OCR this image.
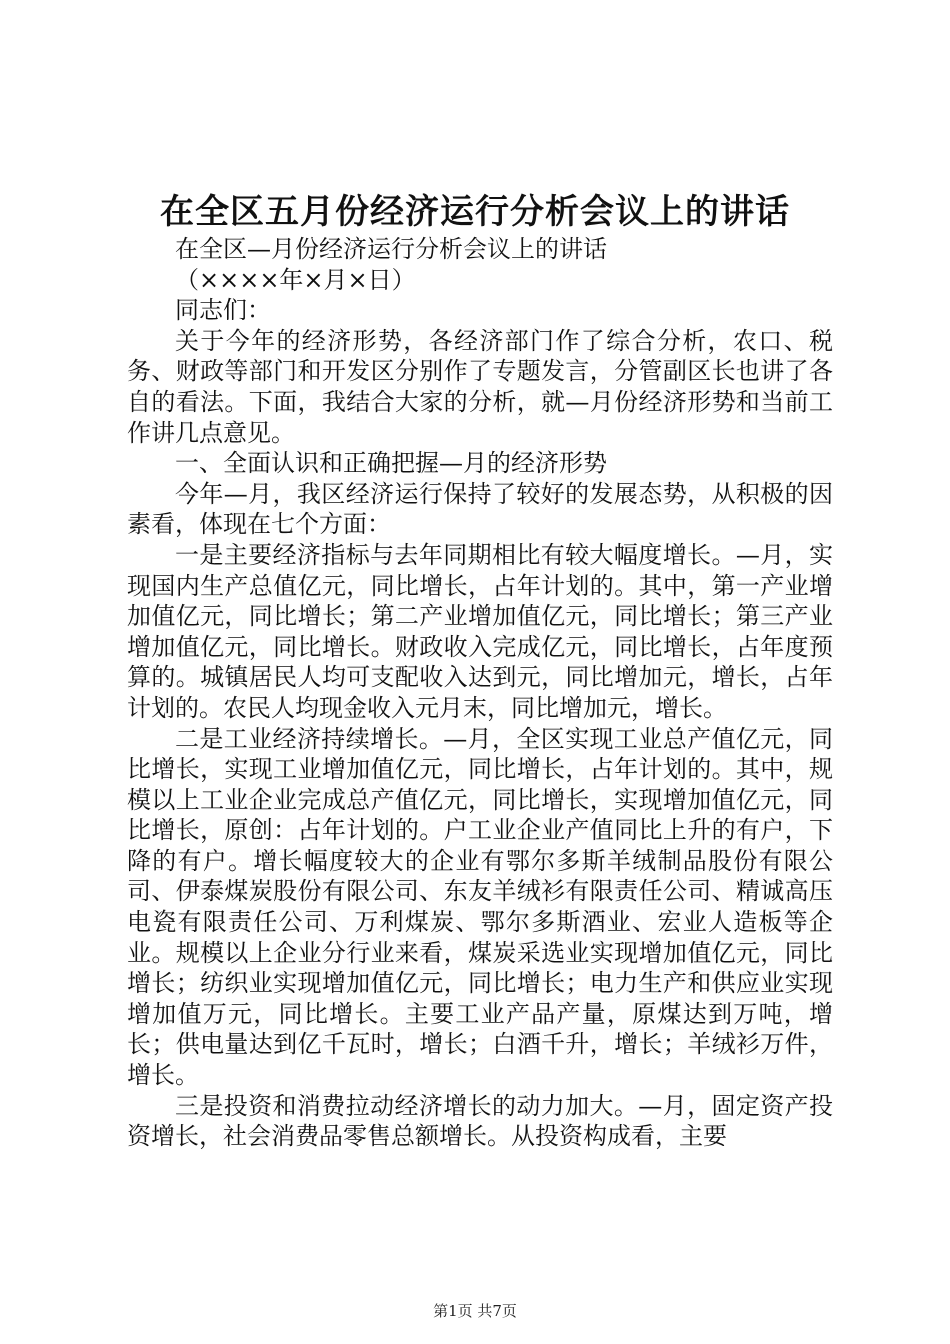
在全区五月份经济运行分析会议上的讲话

在全区—月份经济运行分析会议上的讲话

（××××年×月×日）

同志们：

关于今年的经济形势，各经济部门作了综合分析，农口、税务、财政等部门和开发区分别作了专题发言，分管副区长也讲了各自的看法。下面，我结合大家的分析，就—月份经济形势和当前工作讲几点意见。

一、全面认识和正确把握—月的经济形势

今年—月，我区经济运行保持了较好的发展态势，从积极的因素看，体现在七个方面：

一是主要经济指标与去年同期相比有较大幅度增长。—月，实现国内生产总值亿元，同比增长，占年计划的。其中，第一产业增加值亿元，同比增长；第二产业增加值亿元，同比增长；第三产业增加值亿元，同比增长。财政收入完成亿元，同比增长，占年度预算的。城镇居民人均可支配收入达到元，同比增加元，增长，占年计划的。农民人均现金收入元月末，同比增加元，增长。

二是工业经济持续增长。—月，全区实现工业总产值亿元，同比增长，实现工业增加值亿元，同比增长，占年计划的。其中，规模以上工业企业完成总产值亿元，同比增长，实现增加值亿元，同比增长，原创：占年计划的。户工业企业产值同比上升的有户，下降的有户。增长幅度较大的企业有鄂尔多斯羊绒制品股份有限公司、伊泰煤炭股份有限公司、东友羊绒衫有限责任公司、精诚高压电瓷有限责任公司、万利煤炭、鄂尔多斯酒业、宏业人造板等企业。规模以上企业分行业来看，煤炭采选业实现增加值亿元，同比增长；纺织业实现增加值亿元，同比增长；电力生产和供应业实现增加值万元，同比增长。主要工业产品产量，原煤达到万吨，增长；供电量达到亿千瓦时，增长；白酒千升，增长；羊绒衫万件，增长。

三是投资和消费拉动经济增长的动力加大。—月，固定资产投资增长，社会消费品零售总额增长。从投资构成看，主要

第1页 共7页
